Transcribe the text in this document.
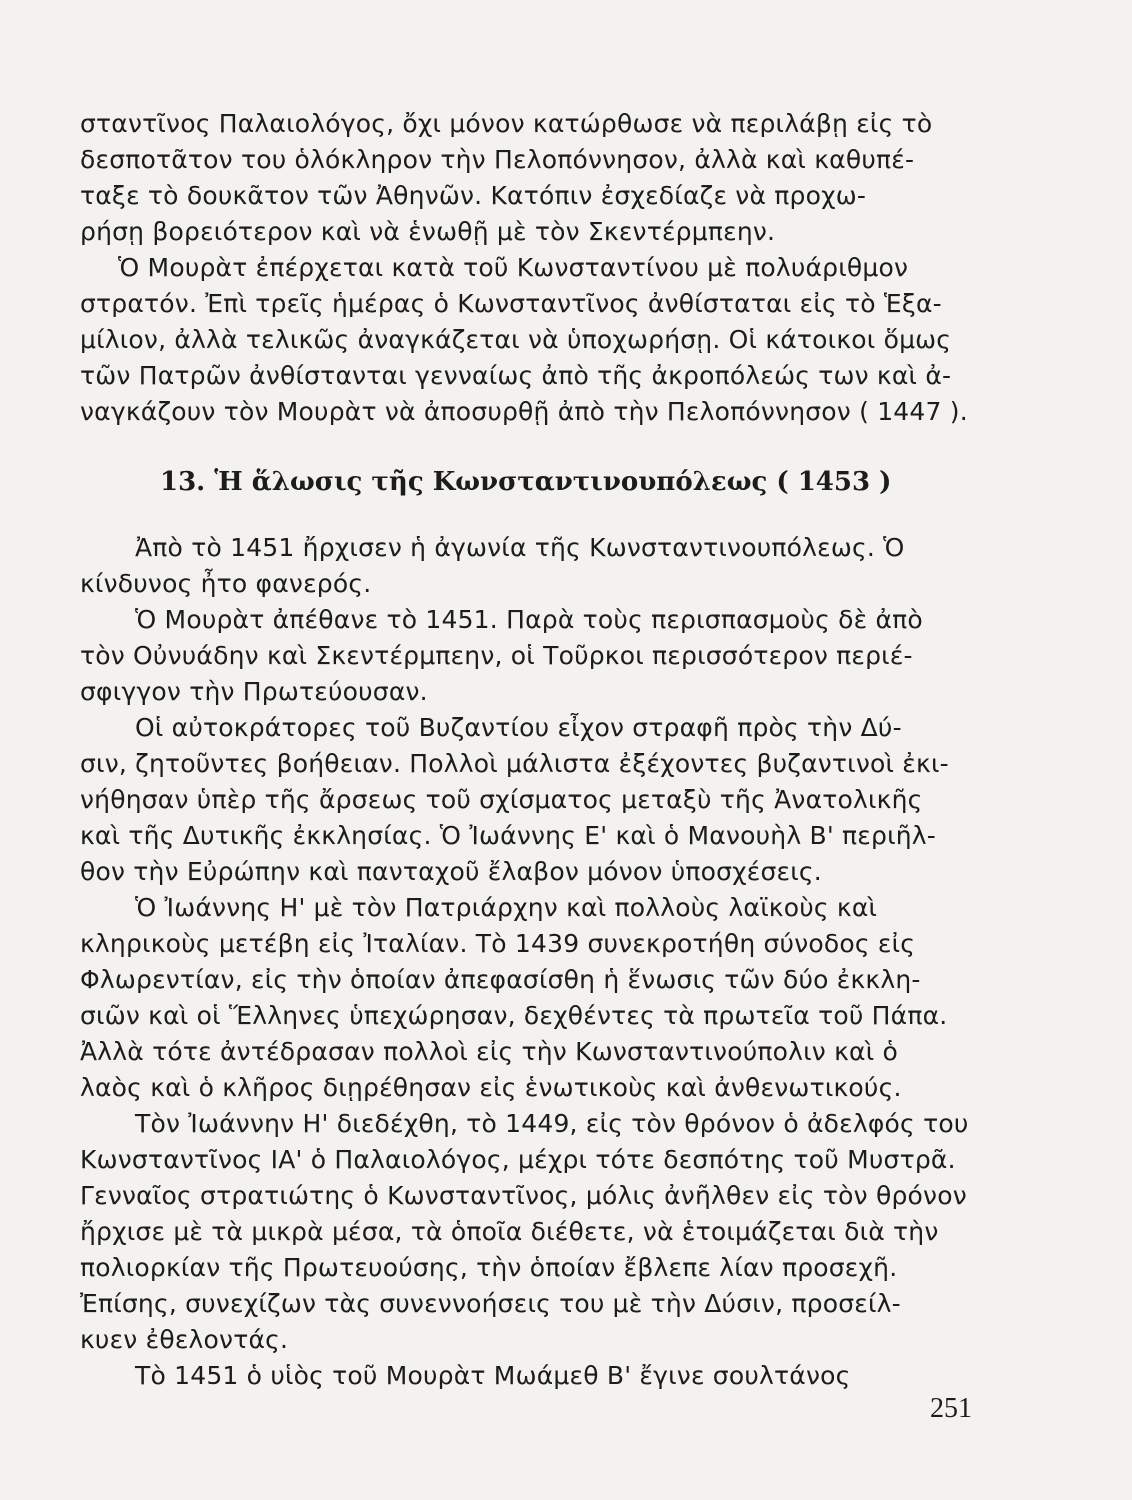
σταντῖνος Παλαιολόγος, ὄχι μόνον κατώρθωσε νὰ περιλάβῃ εἰς τὸ
δεσποτᾶτον του ὁλόκληρον τὴν Πελοπόννησον, ἀλλὰ καὶ καθυπέ-
ταξε τὸ δουκᾶτον τῶν Ἀθηνῶν. Κατόπιν ἐσχεδίαζε νὰ προχω-
ρήσῃ βορειότερον καὶ νὰ ἑνωθῇ μὲ τὸν Σκεντέρμπεην.
Ὁ Μουρὰτ ἐπέρχεται κατὰ τοῦ Κωνσταντίνου μὲ πολυάριθμον
στρατόν. Ἐπὶ τρεῖς ἡμέρας ὁ Κωνσταντῖνος ἀνθίσταται εἰς τὸ Ἑξα-
μίλιον, ἀλλὰ τελικῶς ἀναγκάζεται νὰ ὑποχωρήσῃ. Οἱ κάτοικοι ὅμως
τῶν Πατρῶν ἀνθίστανται γενναίως ἀπὸ τῆς ἀκροπόλεώς των καὶ ἀ-
ναγκάζουν τὸν Μουρὰτ νὰ ἀποσυρθῇ ἀπὸ τὴν Πελοπόννησον ( 1447 ).
13. Ἡ ἅλωσις τῆς Κωνσταντινουπόλεως ( 1453 )
Ἀπὸ τὸ 1451 ἤρχισεν ἡ ἀγωνία τῆς Κωνσταντινουπόλεως. Ὁ
κίνδυνος ἦτο φανερός.
Ὁ Μουρὰτ ἀπέθανε τὸ 1451. Παρὰ τοὺς περισπασμοὺς δὲ ἀπὸ
τὸν Οὐνυάδην καὶ Σκεντέρμπεην, οἱ Τοῦρκοι περισσότερον περιέ-
σφιγγον τὴν Πρωτεύουσαν.
Οἱ αὐτοκράτορες τοῦ Βυζαντίου εἶχον στραφῆ πρὸς τὴν Δύ-
σιν, ζητοῦντες βοήθειαν. Πολλοὶ μάλιστα ἐξέχοντες βυζαντινοὶ ἐκι-
νήθησαν ὑπὲρ τῆς ἄρσεως τοῦ σχίσματος μεταξὺ τῆς Ἀνατολικῆς
καὶ τῆς Δυτικῆς ἐκκλησίας. Ὁ Ἰωάννης Ε' καὶ ὁ Μανουὴλ Β' περιῆλ-
θον τὴν Εὐρώπην καὶ πανταχοῦ ἔλαβον μόνον ὑποσχέσεις.
Ὁ Ἰωάννης Η' μὲ τὸν Πατριάρχην καὶ πολλοὺς λαϊκοὺς καὶ
κληρικοὺς μετέβη εἰς Ἰταλίαν. Τὸ 1439 συνεκροτήθη σύνοδος εἰς
Φλωρεντίαν, εἰς τὴν ὁποίαν ἀπεφασίσθη ἡ ἕνωσις τῶν δύο ἐκκλη-
σιῶν καὶ οἱ Ἕλληνες ὑπεχώρησαν, δεχθέντες τὰ πρωτεῖα τοῦ Πάπα.
Ἀλλὰ τότε ἀντέδρασαν πολλοὶ εἰς τὴν Κωνσταντινούπολιν καὶ ὁ
λαὸς καὶ ὁ κλῆρος διῃρέθησαν εἰς ἑνωτικοὺς καὶ ἀνθενωτικούς.
Τὸν Ἰωάννην Η' διεδέχθη, τὸ 1449, εἰς τὸν θρόνον ὁ ἀδελφός του
Κωνσταντῖνος ΙΑ' ὁ Παλαιολόγος, μέχρι τότε δεσπότης τοῦ Μυστρᾶ.
Γενναῖος στρατιώτης ὁ Κωνσταντῖνος, μόλις ἀνῆλθεν εἰς τὸν θρόνον
ἤρχισε μὲ τὰ μικρὰ μέσα, τὰ ὁποῖα διέθετε, νὰ ἑτοιμάζεται διὰ τὴν
πολιορκίαν τῆς Πρωτευούσης, τὴν ὁποίαν ἔβλεπε λίαν προσεχῆ.
Ἐπίσης, συνεχίζων τὰς συνεννοήσεις του μὲ τὴν Δύσιν, προσείλ-
κυεν ἐθελοντάς.
Τὸ 1451 ὁ υἱὸς τοῦ Μουρὰτ Μωάμεθ Β' ἔγινε σουλτάνος
251
